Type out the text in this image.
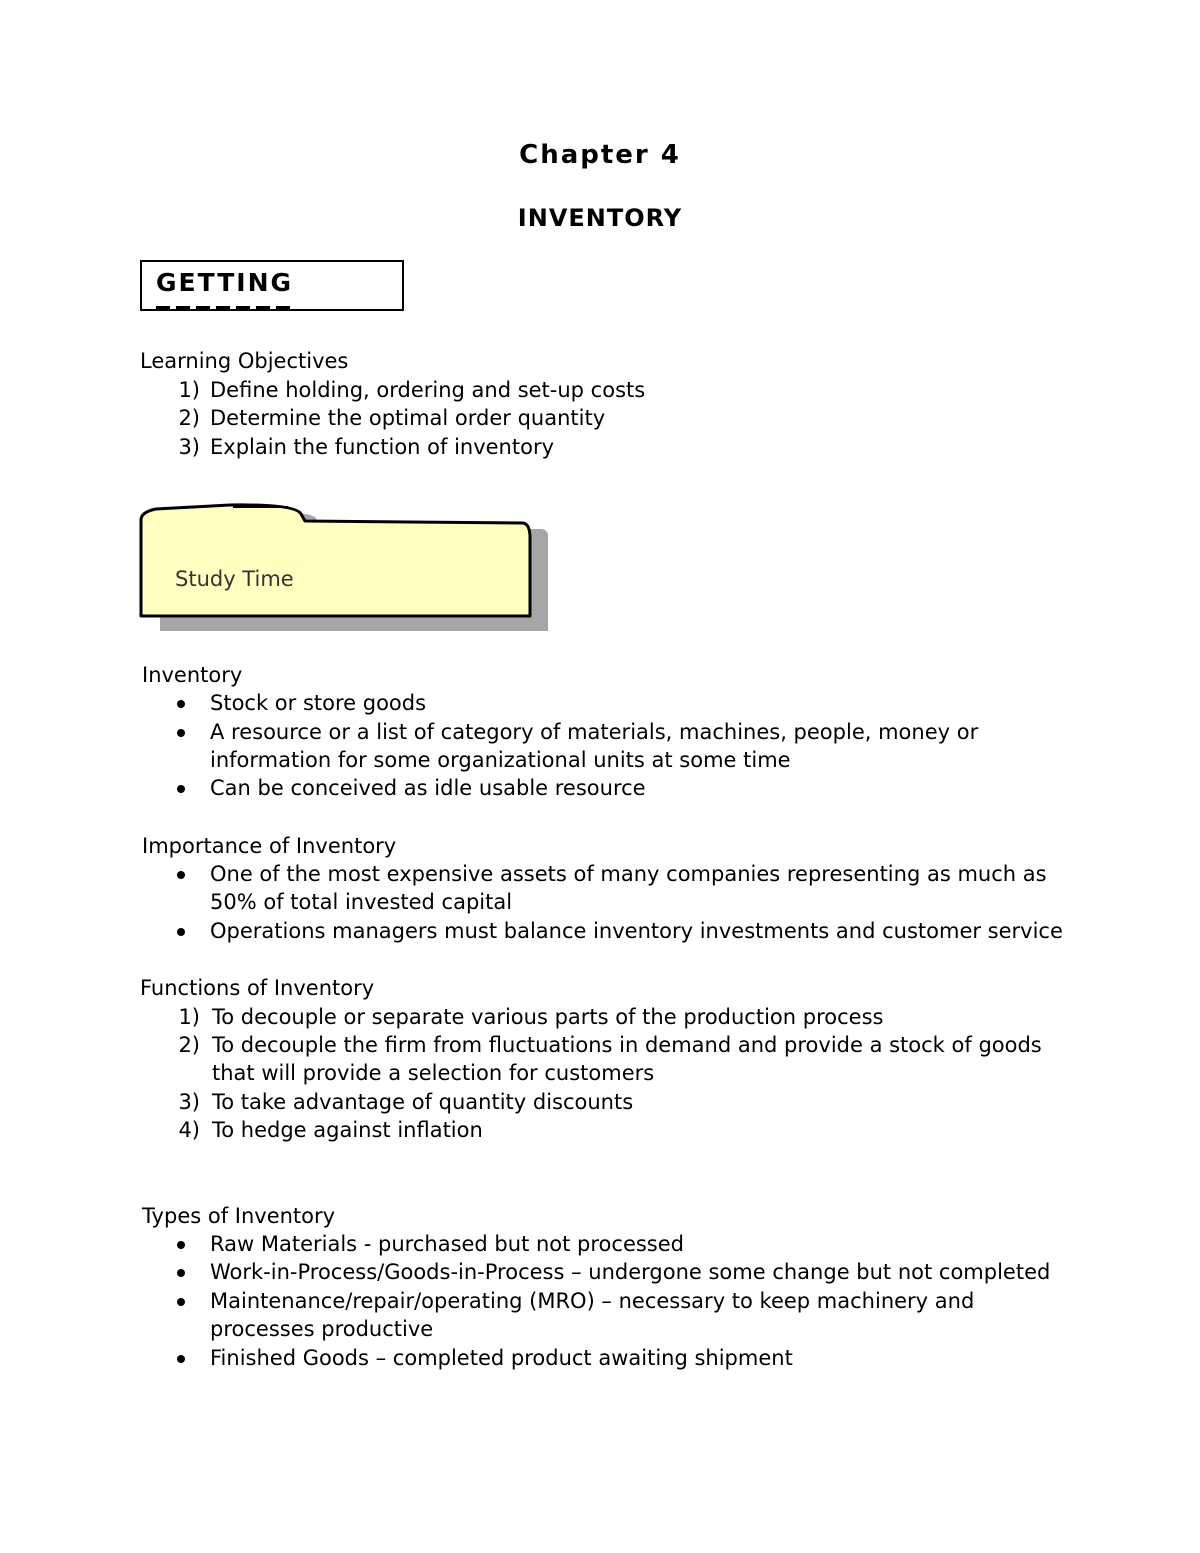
Chapter 4
INVENTORY
GETTING
Learning Objectives
1) Define holding, ordering and set-up costs
2) Determine the optimal order quantity
3) Explain the function of inventory
Study Time
Inventory
Stock or store goods
A resource or a list of category of materials, machines, people, money or
information for some organizational units at some time
Can be conceived as idle usable resource
Importance of Inventory
One of the most expensive assets of many companies representing as much as
50% of total invested capital
Operations managers must balance inventory investments and customer service
Functions of Inventory
1) To decouple or separate various parts of the production process
2) To decouple the firm from fluctuations in demand and provide a stock of goods
that will provide a selection for customers
3) To take advantage of quantity discounts
4) To hedge against inflation
Types of Inventory
Raw Materials - purchased but not processed
Work-in-Process/Goods-in-Process – undergone some change but not completed
Maintenance/repair/operating (MRO) – necessary to keep machinery and
processes productive
Finished Goods – completed product awaiting shipment
